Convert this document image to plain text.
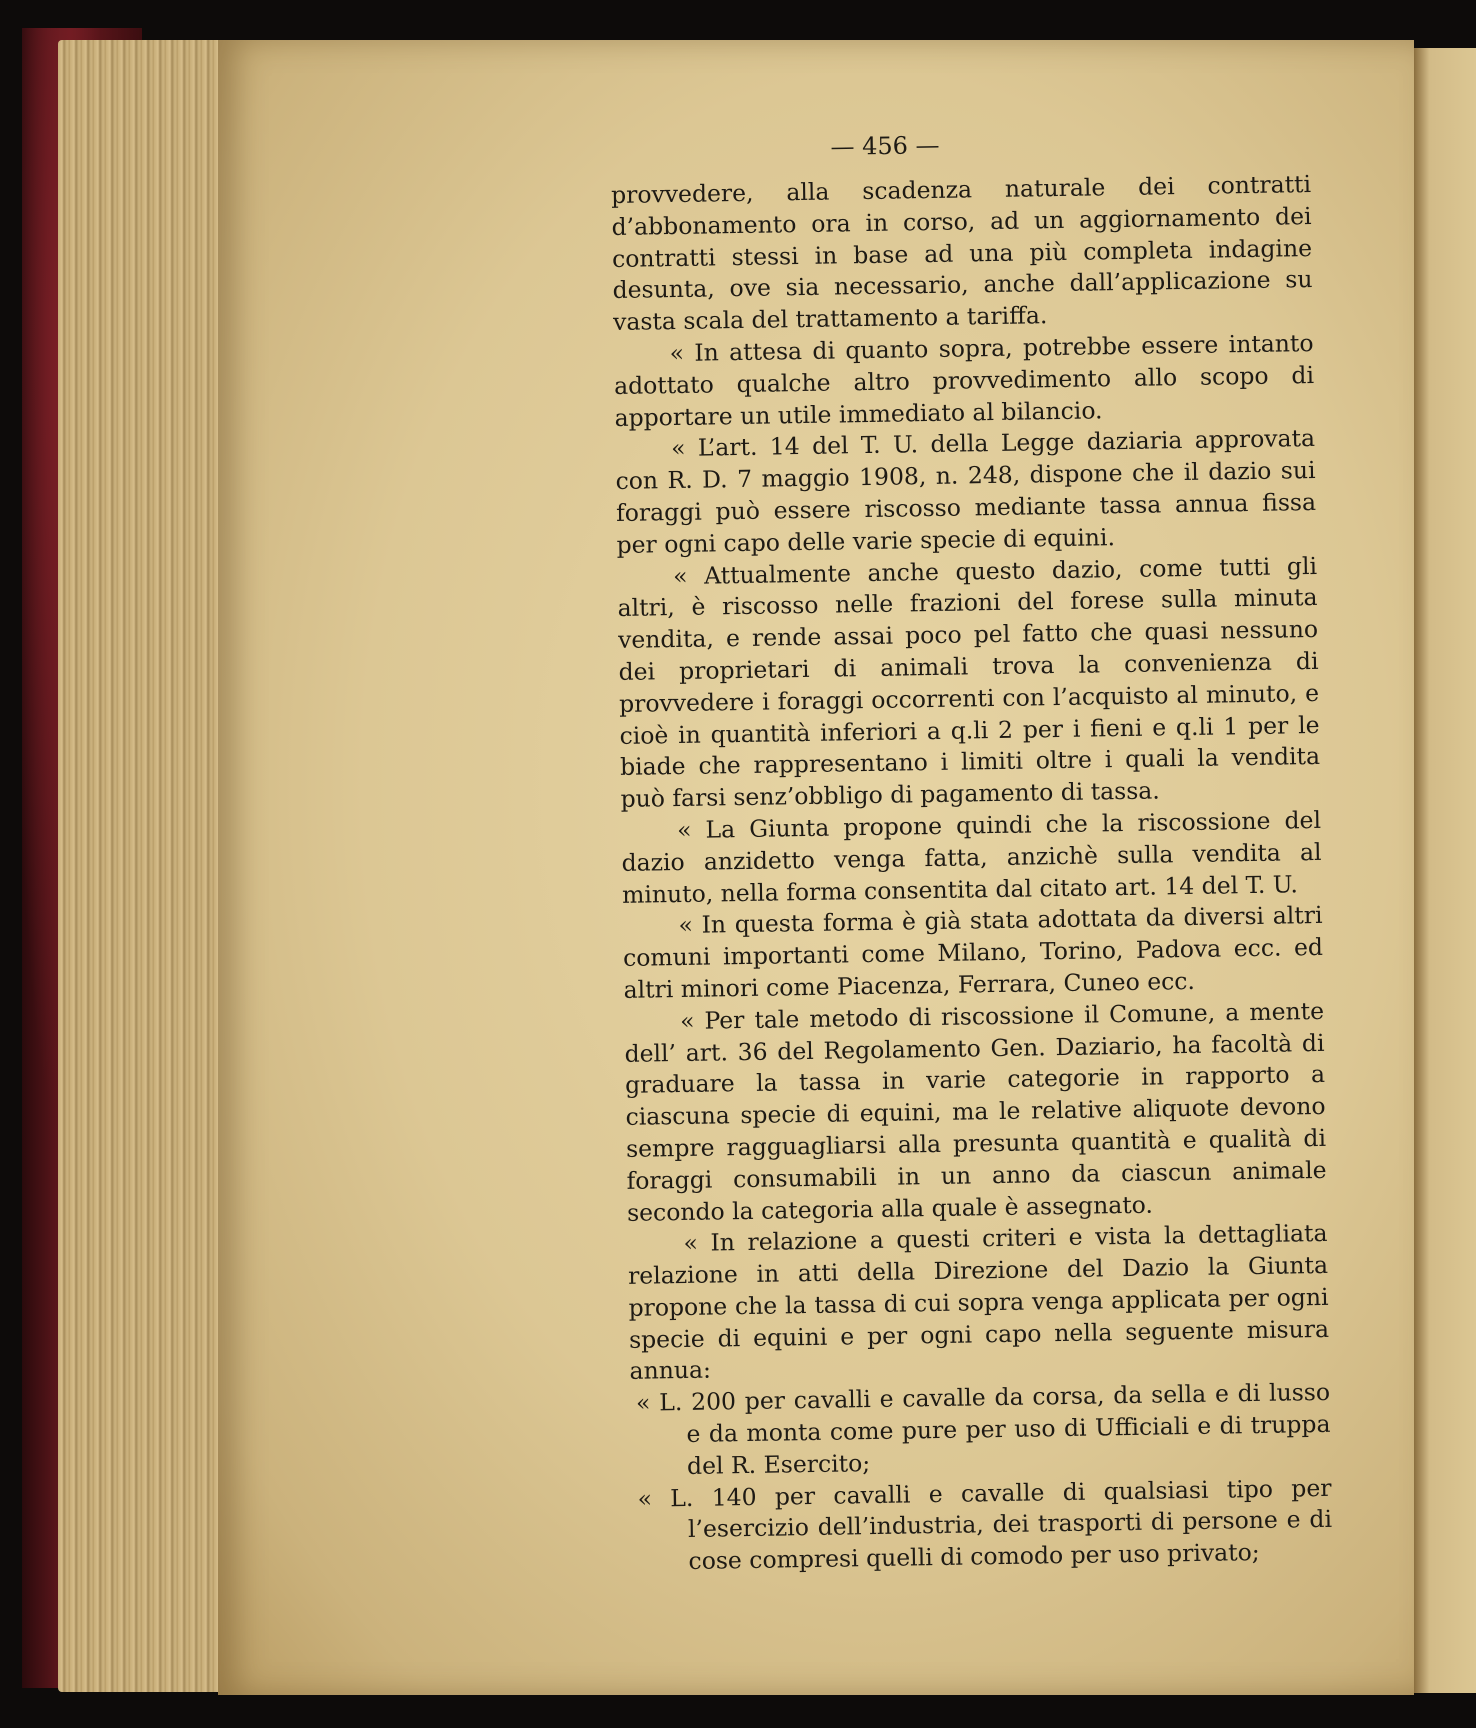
— 456 —

provvedere, alla scadenza naturale dei contratti d’abbonamento ora in corso, ad un aggiornamento dei contratti stessi in base ad una più completa indagine desunta, ove sia necessario, anche dall’applicazione su vasta scala del trattamento a tariffa.

« In attesa di quanto sopra, potrebbe essere intanto adottato qualche altro provvedimento allo scopo di apportare un utile immediato al bilancio.

« L’art. 14 del T. U. della Legge daziaria approvata con R. D. 7 maggio 1908, n. 248, dispone che il dazio sui foraggi può essere riscosso mediante tassa annua fissa per ogni capo delle varie specie di equini.

« Attualmente anche questo dazio, come tutti gli altri, è riscosso nelle frazioni del forese sulla minuta vendita, e rende assai poco pel fatto che quasi nessuno dei proprietari di animali trova la convenienza di provvedere i foraggi occorrenti con l’acquisto al minuto, e cioè in quantità inferiori a q.li 2 per i fieni e q.li 1 per le biade che rappresentano i limiti oltre i quali la vendita può farsi senz’obbligo di pagamento di tassa.

« La Giunta propone quindi che la riscossione del dazio anzidetto venga fatta, anzichè sulla vendita al minuto, nella forma consentita dal citato art. 14 del T. U.

« In questa forma è già stata adottata da diversi altri comuni importanti come Milano, Torino, Padova ecc. ed altri minori come Piacenza, Ferrara, Cuneo ecc.

« Per tale metodo di riscossione il Comune, a mente dell’ art. 36 del Regolamento Gen. Daziario, ha facoltà di graduare la tassa in varie categorie in rapporto a ciascuna specie di equini, ma le relative aliquote devono sempre ragguagliarsi alla presunta quantità e qualità di foraggi consumabili in un anno da ciascun animale secondo la categoria alla quale è assegnato.

« In relazione a questi criteri e vista la dettagliata relazione in atti della Direzione del Dazio la Giunta propone che la tassa di cui sopra venga applicata per ogni specie di equini e per ogni capo nella seguente misura annua:

« L. 200 per cavalli e cavalle da corsa, da sella e di lusso e da monta come pure per uso di Ufficiali e di truppa del R. Esercito;

« L. 140 per cavalli e cavalle di qualsiasi tipo per l’esercizio dell’industria, dei trasporti di persone e di cose compresi quelli di comodo per uso privato;
